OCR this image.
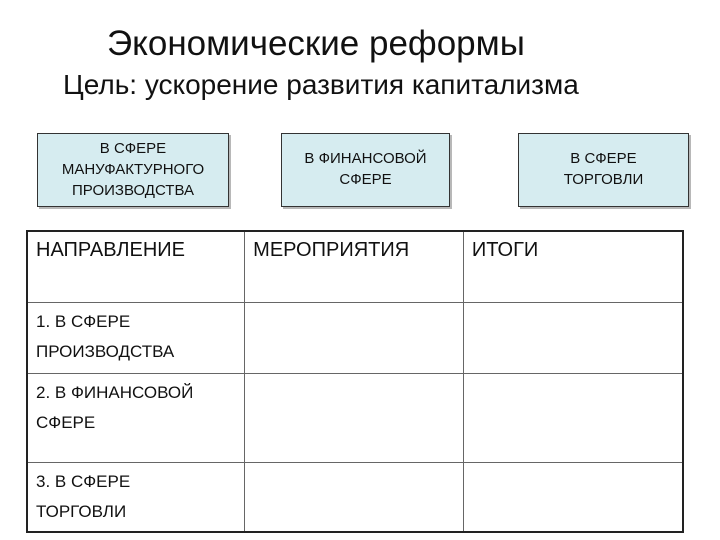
Экономические реформы
Цель: ускорение развития капитализма
В СФЕРЕ
МАНУФАКТУРНОГО
ПРОИЗВОДСТВА
В ФИНАНСОВОЙ
СФЕРЕ
В СФЕРЕ
ТОРГОВЛИ
НАПРАВЛЕНИЕ	МЕРОПРИЯТИЯ	ИТОГИ

1. В СФЕРЕ
ПРОИЗВОДСТВА		

2. В ФИНАНСОВОЙ
СФЕРЕ		

3. В СФЕРЕ
ТОРГОВЛИ		
